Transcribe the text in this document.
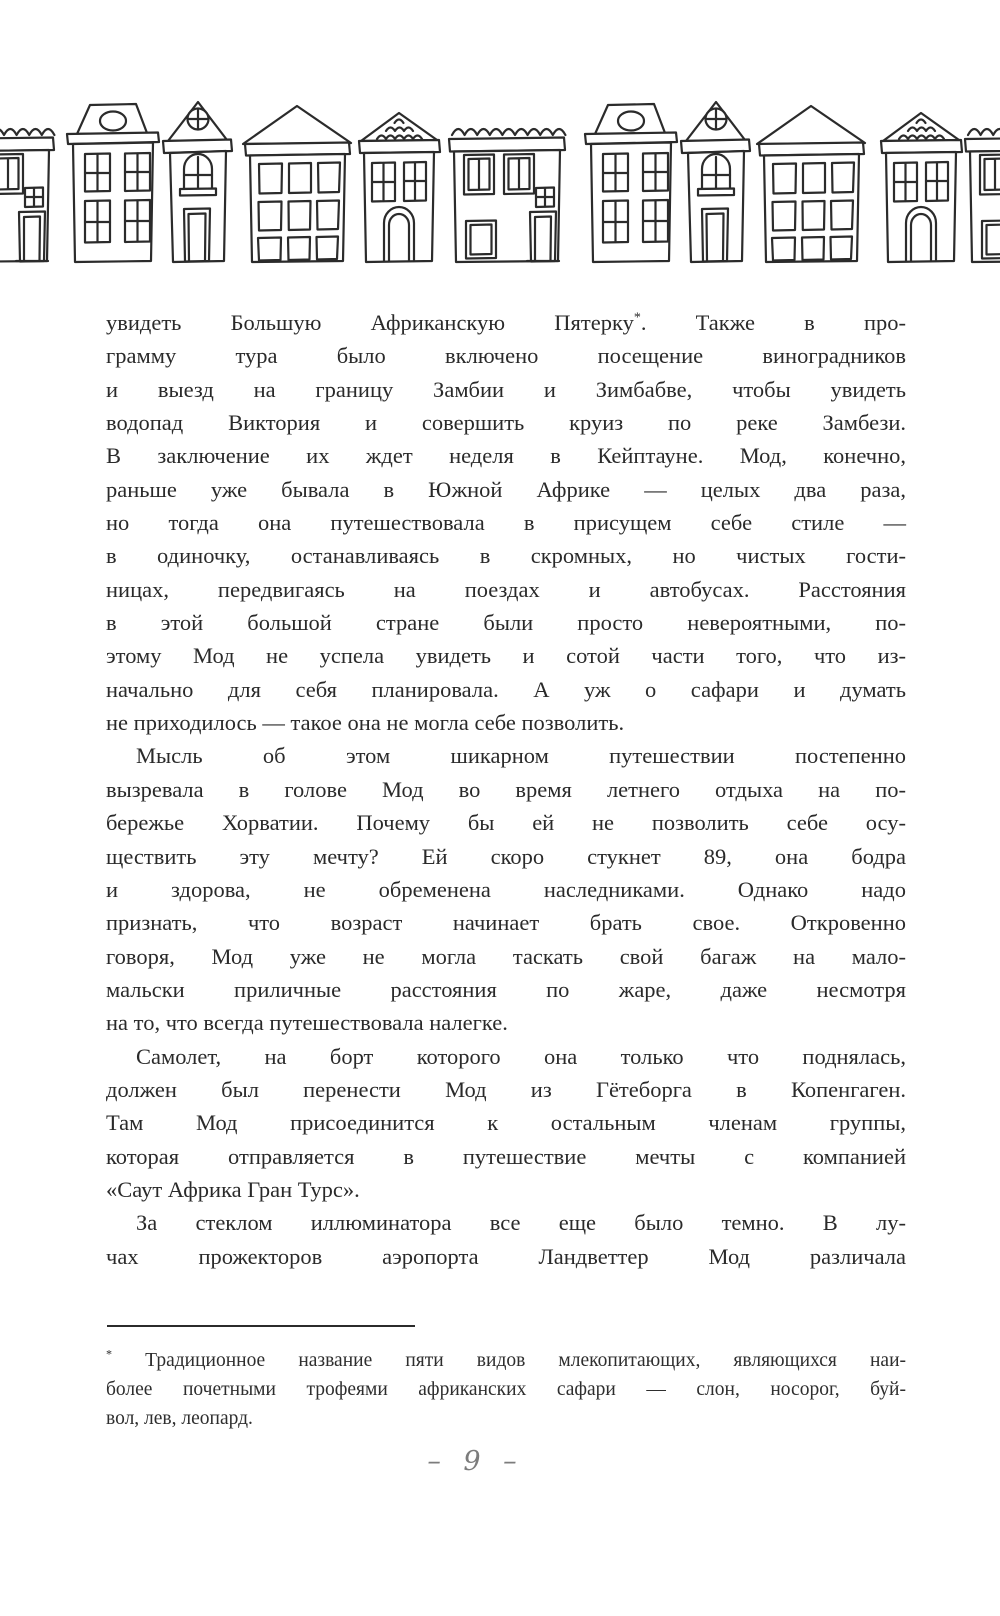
увидеть Большую Африканскую Пятерку*. Также в про-
грамму тура было включено посещение виноградников
и выезд на границу Замбии и Зимбабве, чтобы увидеть
водопад Виктория и совершить круиз по реке Замбези.
В заключение их ждет неделя в Кейптауне. Мод, конечно,
раньше уже бывала в Южной Африке — целых два раза,
но тогда она путешествовала в присущем себе стиле —
в одиночку, останавливаясь в скромных, но чистых гости-
ницах, передвигаясь на поездах и автобусах. Расстояния
в этой большой стране были просто невероятными, по-
этому Мод не успела увидеть и сотой части того, что из-
начально для себя планировала. А уж о сафари и думать
не приходилось — такое она не могла себе позволить.
Мысль об этом шикарном путешествии постепенно
вызревала в голове Мод во время летнего отдыха на по-
бережье Хорватии. Почему бы ей не позволить себе осу-
ществить эту мечту? Ей скоро стукнет 89, она бодра
и здорова, не обременена наследниками. Однако надо
признать, что возраст начинает брать свое. Откровенно
говоря, Мод уже не могла таскать свой багаж на мало-
мальски приличные расстояния по жаре, даже несмотря
на то, что всегда путешествовала налегке.
Самолет, на борт которого она только что поднялась,
должен был перенести Мод из Гётеборга в Копенгаген.
Там Мод присоединится к остальным членам группы,
которая отправляется в путешествие мечты с компанией
«Саут Африка Гран Турс».
За стеклом иллюминатора все еще было темно. В лу-
чах прожекторов аэропорта Ландветтер Мод различала
* Традиционное название пяти видов млекопитающих, являющихся наи-
более почетными трофеями африканских сафари — слон, носорог, буй-
вол, лев, леопард.
– 9 –
